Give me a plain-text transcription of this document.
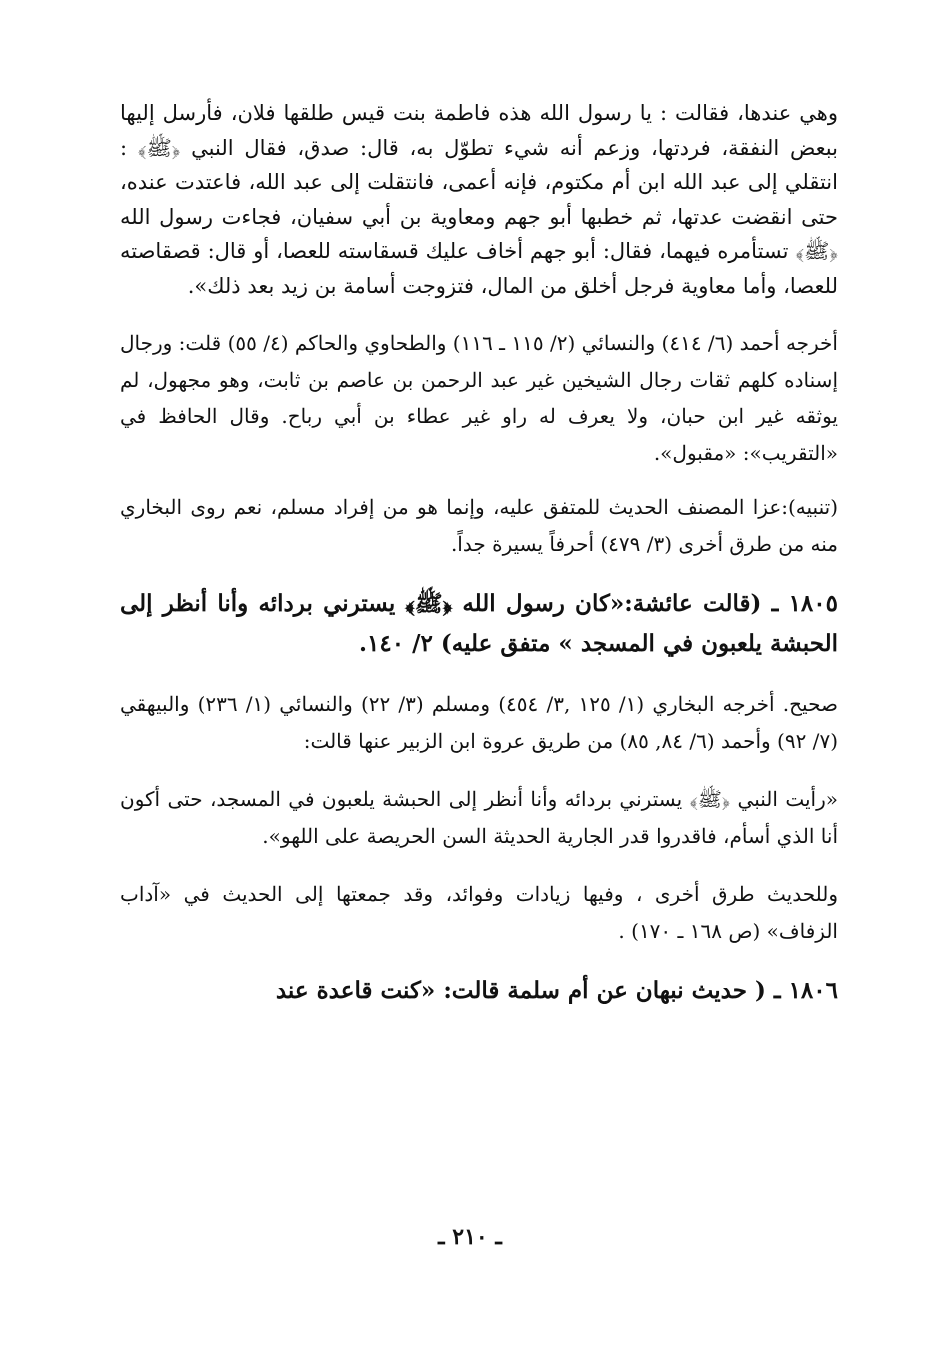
وهي عندها، فقالت : يا رسول الله هذه فاطمة بنت قيس طلقها فلان، فأرسل إليها ببعض النفقة، فردتها، وزعم أنه شيء تطوّل به، قال: صدق، فقال النبي ﴿ﷺ﴾ : انتقلي إلى عبد الله ابن أم مكتوم، فإنه أعمى، فانتقلت إلى عبد الله، فاعتدت عنده، حتى انقضت عدتها، ثم خطبها أبو جهم ومعاوية بن أبي سفيان، فجاءت رسول الله ﴿ﷺ﴾ تستأمره فيهما، فقال: أبو جهم أخاف عليك قسقاسته للعصا، أو قال: قصقاصته للعصا، وأما معاوية فرجل أخلق من المال، فتزوجت أسامة بن زيد بعد ذلك».

أخرجه أحمد (٦/ ٤١٤) والنسائي (٢/ ١١٥ ـ ١١٦) والطحاوي والحاكم (٤/ ٥٥) قلت: ورجال إسناده كلهم ثقات رجال الشيخين غير عبد الرحمن بن عاصم بن ثابت، وهو مجهول، لم يوثقه غير ابن حبان، ولا يعرف له راو غير عطاء بن أبي رباح. وقال الحافظ في «التقريب»: «مقبول».

(تنبيه):عزا المصنف الحديث للمتفق عليه، وإنما هو من إفراد مسلم، نعم روى البخاري منه من طرق أخرى (٣/ ٤٧٩) أحرفاً يسيرة جداً.

١٨٠٥ ـ (قالت عائشة:«كان رسول الله ﴿ﷺ﴾ يسترني بردائه وأنا أنظر إلى الحبشة يلعبون في المسجد » متفق عليه) ٢/ ١٤٠.

صحيح. أخرجه البخاري (١/ ١٢٥ ,٣/ ٤٥٤) ومسلم (٣/ ٢٢) والنسائي (١/ ٢٣٦) والبيهقي (٧/ ٩٢) وأحمد (٦/ ٨٤, ٨٥) من طريق عروة ابن الزبير عنها قالت:

«رأيت النبي ﴿ﷺ﴾ يسترني بردائه وأنا أنظر إلى الحبشة يلعبون في المسجد، حتى أكون أنا الذي أسأم، فاقدروا قدر الجارية الحديثة السن الحريصة على اللهو».

وللحديث طرق أخرى ، وفيها زيادات وفوائد، وقد جمعتها إلى الحديث في «آداب الزفاف» (ص ١٦٨ ـ ١٧٠) .

١٨٠٦ ـ ( حديث نبهان عن أم سلمة قالت: «كنت قاعدة عند

ـ ٢١٠ ـ
